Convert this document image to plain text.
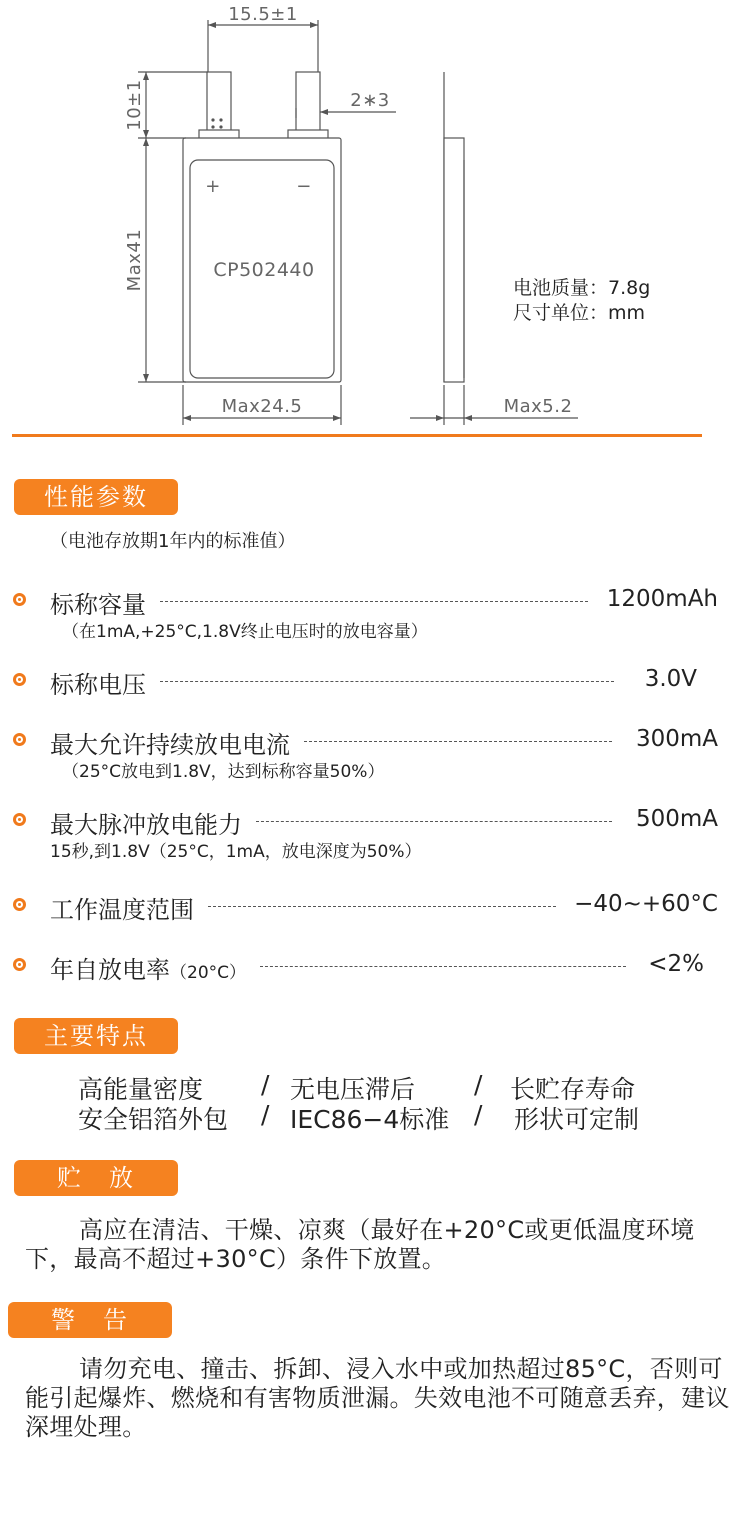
15.5±1
2∗3
10±1
Max41
Max24.5	Max5.2
CP502440
+	−
电池质量：7.8g
尺寸单位：mm
性能参数
（电池存放期1年内的标准值）
标称容量	1200mAh
（在1mA,+25°C,1.8V终止电压时的放电容量）
标称电压	3.0V
最大允许持续放电电流	300mA
（25°C放电到1.8V，达到标称容量50%）
最大脉冲放电能力	500mA
15秒,到1.8V（25°C，1mA，放电深度为50%）
工作温度范围	−40~+60°C
年自放电率（20°C）	<2%
主要特点
高能量密度 / 无电压滞后 / 长贮存寿命
安全铝箔外包 / IEC86−4标准 / 形状可定制
贮　放
高应在清洁、干燥、凉爽（最好在+20°C或更低温度环境下，最高不超过+30°C）条件下放置。
警　告
请勿充电、撞击、拆卸、浸入水中或加热超过85°C，否则可能引起爆炸、燃烧和有害物质泄漏。失效电池不可随意丢弃，建议深埋处理。
